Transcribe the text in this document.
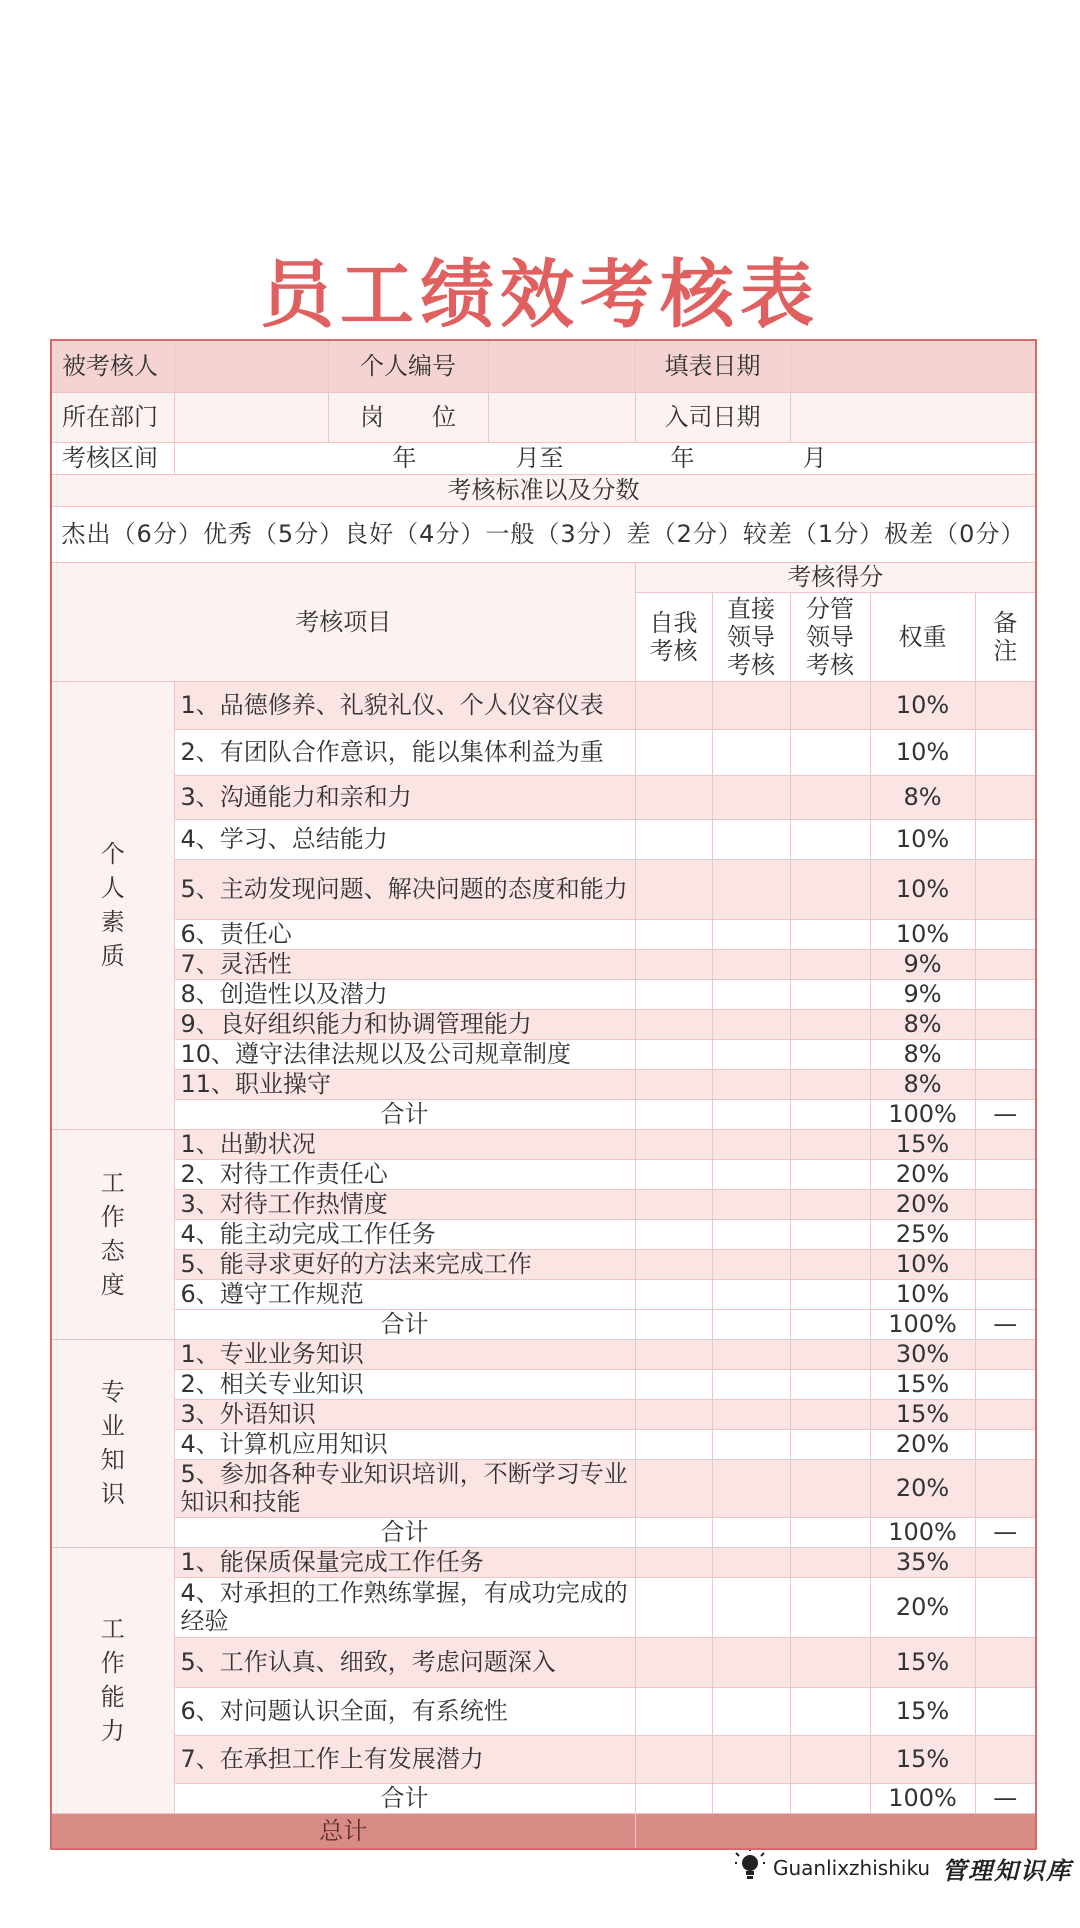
员工绩效考核表
被考核人		个人编号		填表日期				
所在部门		岗　　位		入司日期				
考核区间	年 月至 年 月							

考核标准以及分数								
杰出（6分）优秀（5分）良好（4分）一般（3分）差（2分）较差（1分）极差（0分）								
考核项目				考核得分				
				自我考核	直接领导考核	分管领导考核	权重	备注
个人素质	1、品德修养、礼貌礼仪、个人仪容仪表						10%	
	2、有团队合作意识，能以集体利益为重						10%	
	3、沟通能力和亲和力						8%	
	4、学习、总结能力						10%	
	5、主动发现问题、解决问题的态度和能力						10%	
	6、责任心						10%	
	7、灵活性						9%	
	8、创造性以及潜力						9%	
	9、良好组织能力和协调管理能力						8%	
	10、遵守法律法规以及公司规章制度						8%	
	11、职业操守						8%	
	合计						100%	—
工作态度	1、出勤状况						15%	
	2、对待工作责任心						20%	
	3、对待工作热情度						20%	
	4、能主动完成工作任务						25%	
	5、能寻求更好的方法来完成工作						10%	
	6、遵守工作规范						10%	
	合计						100%	—
专业知识	1、专业业务知识						30%	
	2、相关专业知识						15%	
	3、外语知识						15%	
	4、计算机应用知识						20%	
	5、参加各种专业知识培训，不断学习专业知识和技能						20%	
	合计						100%	—
工作能力	1、能保质保量完成工作任务						35%	
	4、对承担的工作熟练掌握，有成功完成的经验						20%	
	5、工作认真、细致，考虑问题深入						15%	
	6、对问题认识全面，有系统性						15%	
	7、在承担工作上有发展潜力						15%	
	合计						100%	—
总计								
Guanlixzhishiku 管理知识库
